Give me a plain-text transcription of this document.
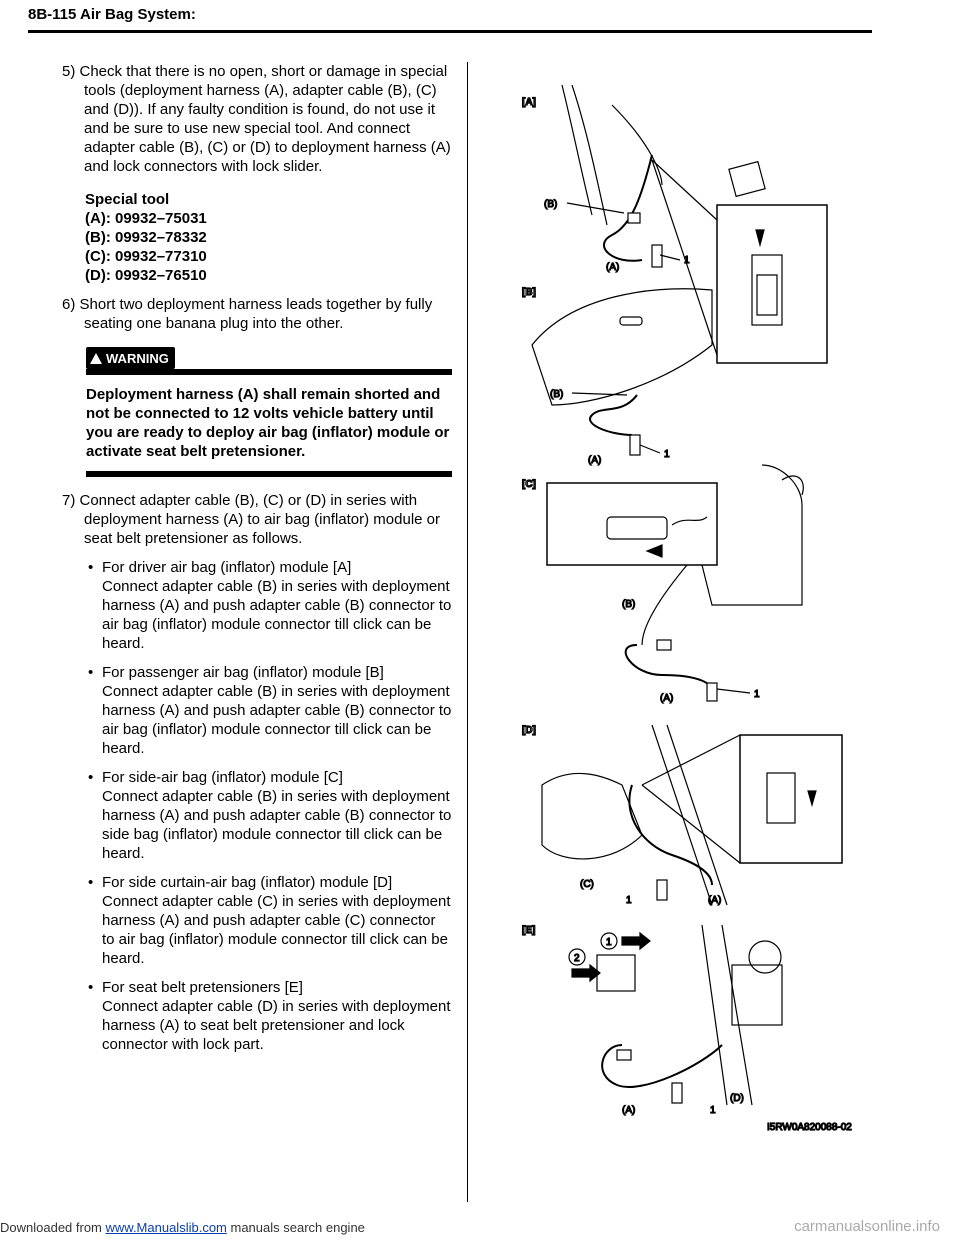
8B-115 Air Bag System:

5) Check that there is no open, short or damage in special tools (deployment harness (A), adapter cable (B), (C) and (D)). If any faulty condition is found, do not use it and be sure to use new special tool. And connect adapter cable (B), (C) or (D) to deployment harness (A) and lock connectors with lock slider.

Special tool
(A): 09932–75031
(B): 09932–78332
(C): 09932–77310
(D): 09932–76510

6) Short two deployment harness leads together by fully seating one banana plug into the other.

WARNING
Deployment harness (A) shall remain shorted and not be connected to 12 volts vehicle battery until you are ready to deploy air bag (inflator) module or activate seat belt pretensioner.

7) Connect adapter cable (B), (C) or (D) in series with deployment harness (A) to air bag (inflator) module or seat belt pretensioner as follows.

• For driver air bag (inflator) module [A]
Connect adapter cable (B) in series with deployment harness (A) and push adapter cable (B) connector to air bag (inflator) module connector till click can be heard.
• For passenger air bag (inflator) module [B]
Connect adapter cable (B) in series with deployment harness (A) and push adapter cable (B) connector to air bag (inflator) module connector till click can be heard.
• For side-air bag (inflator) module [C]
Connect adapter cable (B) in series with deployment harness (A) and push adapter cable (B) connector to side bag (inflator) module connector till click can be heard.
• For side curtain-air bag (inflator) module [D]
Connect adapter cable (C) in series with deployment harness (A) and push adapter cable (C) connector to air bag (inflator) module connector till click can be heard.
• For seat belt pretensioners [E]
Connect adapter cable (D) in series with deployment harness (A) to seat belt pretensioner and lock connector with lock part.
[A]
(B)
(A)
1
[B]
(B)
(A)
1
[C]
(B)
(A)	1
[D]
(C)
1	(A)
[E]
1
2
(A)	1
(D)
I5RW0A820088-02
Downloaded from www.Manualslib.com manuals search engine	carmanualsonline.info
